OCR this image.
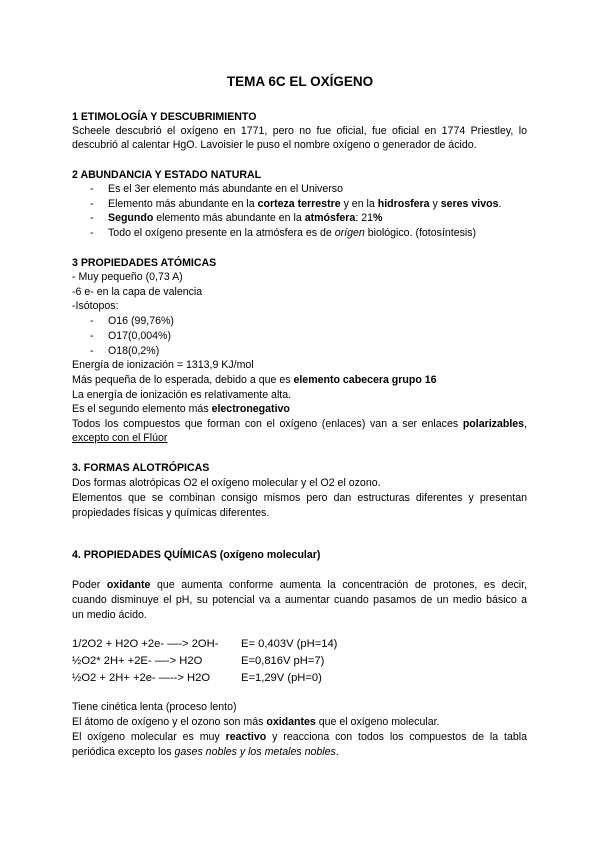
TEMA 6C EL OXÍGENO
1 ETIMOLOGÍA Y DESCUBRIMIENTO
Scheele descubrió el oxígeno en 1771, pero no fue oficial, fue oficial en 1774 Priestley, lo
descubrió al calentar HgO. Lavoisier le puso el nombre oxígeno o generador de ácido.
2 ABUNDANCIA Y ESTADO NATURAL
- Es el 3er elemento más abundante en el Universo
- Elemento más abundante en la corteza terrestre y en la hidrosfera y seres vivos.
- Segundo elemento más abundante en la atmósfera: 21%
- Todo el oxígeno presente en la atmósfera es de orígen biológico. (fotosíntesis)
3 PROPIEDADES ATÓMICAS
- Muy pequeño (0,73 A)
-6 e- en la capa de valencia
-Isótopos:
- O16 (99,76%)
- O17(0,004%)
- O18(0,2%)
Energía de ionización = 1313,9 KJ/mol
Más pequeña de lo esperada, debido a que es elemento cabecera grupo 16
La energía de ionización es relativamente alta.
Es el segundo elemento más electronegativo
Todos los compuestos que forman con el oxígeno (enlaces) van a ser enlaces polarizables,
excepto con el Flúor
3. FORMAS ALOTRÓPICAS
Dos formas alotrópicas O2 el oxígeno molecular y el O2 el ozono.
Elementos que se combinan consigo mismos pero dan estructuras diferentes y presentan
propiedades físicas y químicas diferentes.
4. PROPIEDADES QUÍMICAS (oxígeno molecular)
Poder oxidante que aumenta conforme aumenta la concentración de protones, es decir,
cuando disminuye el pH, su potencial va a aumentar cuando pasamos de un medio básico a
un medio ácido.
1/2O2 + H2O +2e- —-> 2OH- E= 0,403V (pH=14)
½O2* 2H+ +2E- —-> H2O	E=0,816V pH=7)
½O2 + 2H+ +2e- —--> H2O	E=1,29V (pH=0)
Tiene cinética lenta (proceso lento)
El átomo de oxígeno y el ozono son más oxidantes que el oxígeno molecular.
El oxígeno molecular es muy reactivo y reacciona con todos los compuestos de la tabla
periódica excepto los gases nobles y los metales nobles.
